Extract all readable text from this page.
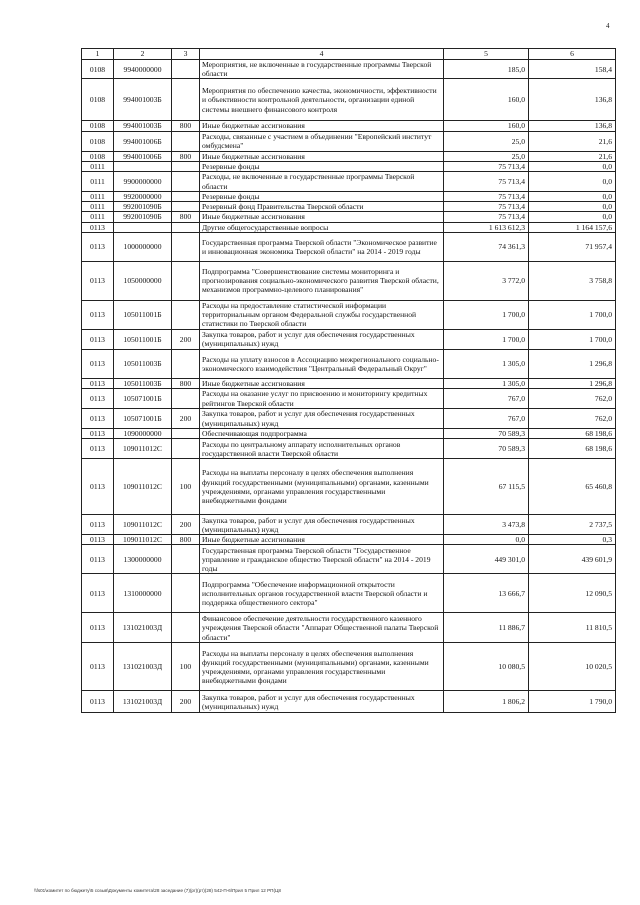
4
1	2	3	4	5	6
0108	9940000000		Мероприятия, не включенные в государственные программы Тверской области	185,0	158,4
0108	994001003Б		Мероприятия по обеспечению качества, экономичности, эффективности и объективности контрольной деятельности, организации единой системы внешнего финансового контроля	160,0	136,8
0108	994001003Б	800	Иные бюджетные ассигнования	160,0	136,8
0108	994001006Б		Расходы, связанные с участием в объединении "Европейский институт омбудсмена"	25,0	21,6
0108	994001006Б	800	Иные бюджетные ассигнования	25,0	21,6
0111			Резервные фонды	75 713,4	0,0
0111	9900000000		Расходы, не включенные в государственные программы Тверской области	75 713,4	0,0
0111	9920000000		Резервные фонды	75 713,4	0,0
0111	992001090Б		Резервный фонд Правительства Тверской области	75 713,4	0,0
0111	992001090Б	800	Иные бюджетные ассигнования	75 713,4	0,0
0113			Другие общегосударственные вопросы	1 613 612,3	1 164 157,6
0113	1000000000		Государственная программа Тверской области "Экономическое развитие и инновационная экономика Тверской области" на 2014 - 2019 годы	74 361,3	71 957,4
0113	1050000000		Подпрограмма "Совершенствование системы мониторинга и прогнозирования социально-экономического развития Тверской области, механизмов программно-целевого планирования"	3 772,0	3 758,8
0113	105011001Б		Расходы на предоставление статистической информации территориальным органом Федеральной службы государственной статистики по Тверской области	1 700,0	1 700,0
0113	105011001Б	200	Закупка товаров, работ и услуг для обеспечения государственных (муниципальных) нужд	1 700,0	1 700,0
0113	105011003Б		Расходы на уплату взносов в Ассоциацию межрегионального социально-экономического взаимодействия "Центральный Федеральный Округ"	1 305,0	1 296,8
0113	105011003Б	800	Иные бюджетные ассигнования	1 305,0	1 296,8
0113	105071001Б		Расходы на оказание услуг по присвоению и мониторингу кредитных рейтингов Тверской области	767,0	762,0
0113	105071001Б	200	Закупка товаров, работ и услуг для обеспечения государственных (муниципальных) нужд	767,0	762,0
0113	1090000000		Обеспечивающая подпрограмма	70 589,3	68 198,6
0113	109011012С		Расходы по центральному аппарату исполнительных органов государственной власти Тверской области	70 589,3	68 198,6
0113	109011012С	100	Расходы на выплаты персоналу в целях обеспечения выполнения функций государственными (муниципальными) органами, казенными учреждениями, органами управления государственными внебюджетными фондами	67 115,5	65 460,8
0113	109011012С	200	Закупка товаров, работ и услуг для обеспечения государственных (муниципальных) нужд	3 473,8	2 737,5
0113	109011012С	800	Иные бюджетные ассигнования	0,0	0,3
0113	1300000000		Государственная программа Тверской области "Государственное управление и гражданское общество Тверской области" на 2014 - 2019 годы	449 301,0	439 601,9
0113	1310000000		Подпрограмма "Обеспечение информационной открытости исполнительных органов государственной власти Тверской области и поддержка общественного сектора"	13 666,7	12 090,5
0113	131021003Д		Финансовое обеспечение деятельности государственного казенного учреждения Тверской области "Аппарат Общественной палаты Тверской области"	11 886,7	11 810,5
0113	131021003Д	100	Расходы на выплаты персоналу в целях обеспечения выполнения функций государственными (муниципальными) органами, казенными учреждениями, органами управления государственными внебюджетными фондами	10 080,5	10 020,5
0113	131021003Д	200	Закупка товаров, работ и услуг для обеспечения государственных (муниципальных) нужд	1 806,2	1 790,0
\\fs01\комитет по бюджету\5 созыв\Документы комитета\28 заседание (7)(рг)(рт)(28) 542-П-6\Прил 5 Прил 12 РП(Ц8
